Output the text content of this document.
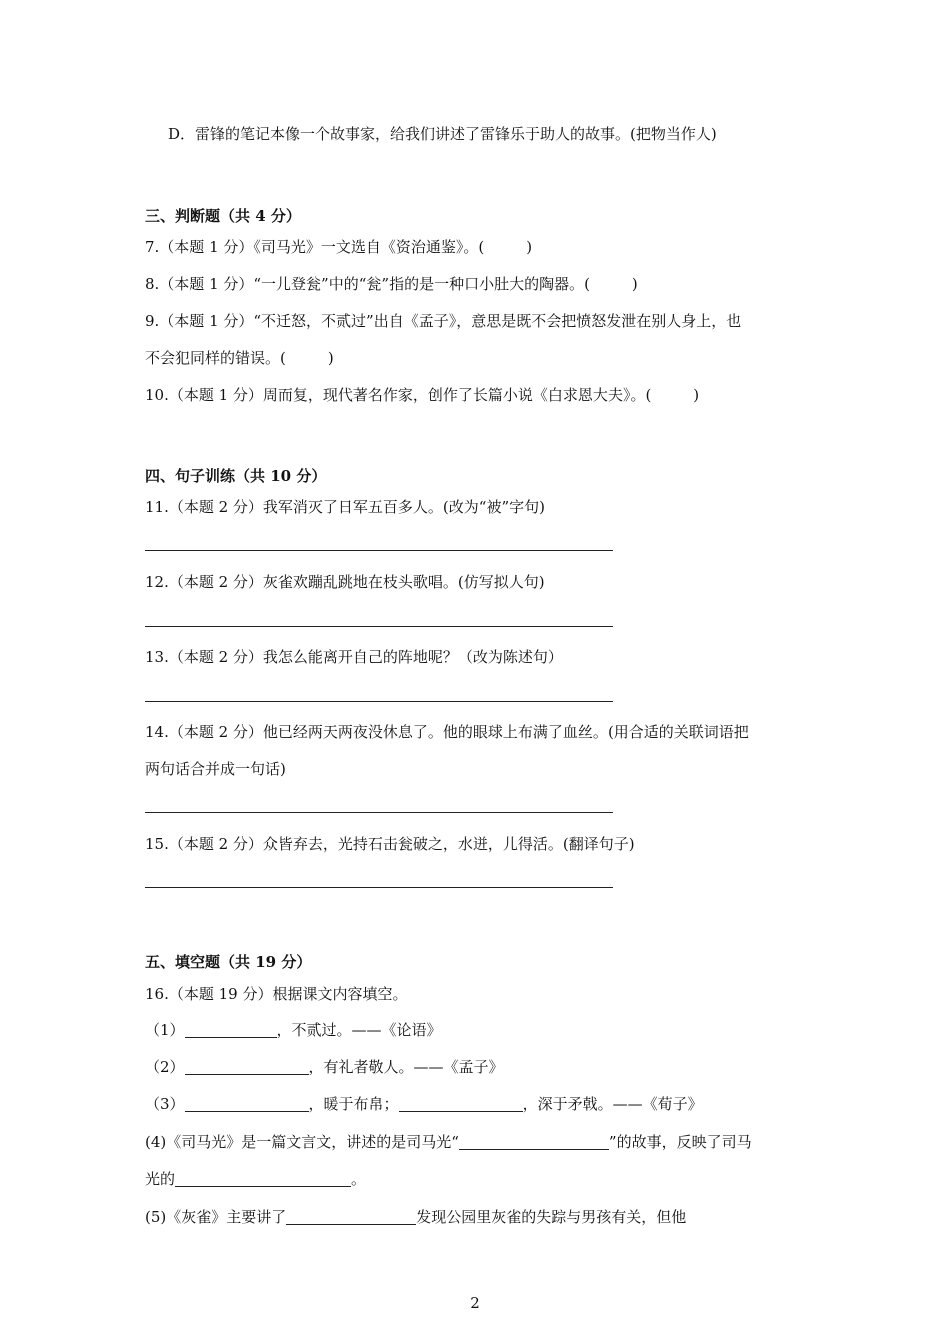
D．雷锋的笔记本像一个故事家，给我们讲述了雷锋乐于助人的故事。(把物当作人)
三、判断题（共 4 分）
7.（本题 1 分）《司马光》一文选自《资治通鉴》。(	)
8.（本题 1 分）“一儿登瓮”中的“瓮”指的是一种口小肚大的陶器。(	)
9.（本题 1 分）“不迁怒，不贰过”出自《孟子》，意思是既不会把愤怒发泄在别人身上，也
不会犯同样的错误。(	)
10.（本题 1 分）周而复，现代著名作家，创作了长篇小说《白求恩大夫》。(	)
四、句子训练（共 10 分）
11.（本题 2 分）我军消灭了日军五百多人。(改为“被”字句)
12.（本题 2 分）灰雀欢蹦乱跳地在枝头歌唱。(仿写拟人句)
13.（本题 2 分）我怎么能离开自己的阵地呢？（改为陈述句）
14.（本题 2 分）他已经两天两夜没休息了。他的眼球上布满了血丝。(用合适的关联词语把
两句话合并成一句话)
15.（本题 2 分）众皆弃去，光持石击瓮破之，水迸，儿得活。(翻译句子)
五、填空题（共 19 分）
16.（本题 19 分）根据课文内容填空。
（1）	，不贰过。——《论语》
（2）	，有礼者敬人。——《孟子》
（3）	，暖于布帛；	，深于矛戟。——《荀子》
(4)《司马光》是一篇文言文，讲述的是司马光“	”的故事，反映了司马
光的	。
(5)《灰雀》主要讲了	发现公园里灰雀的失踪与男孩有关，但他
2
